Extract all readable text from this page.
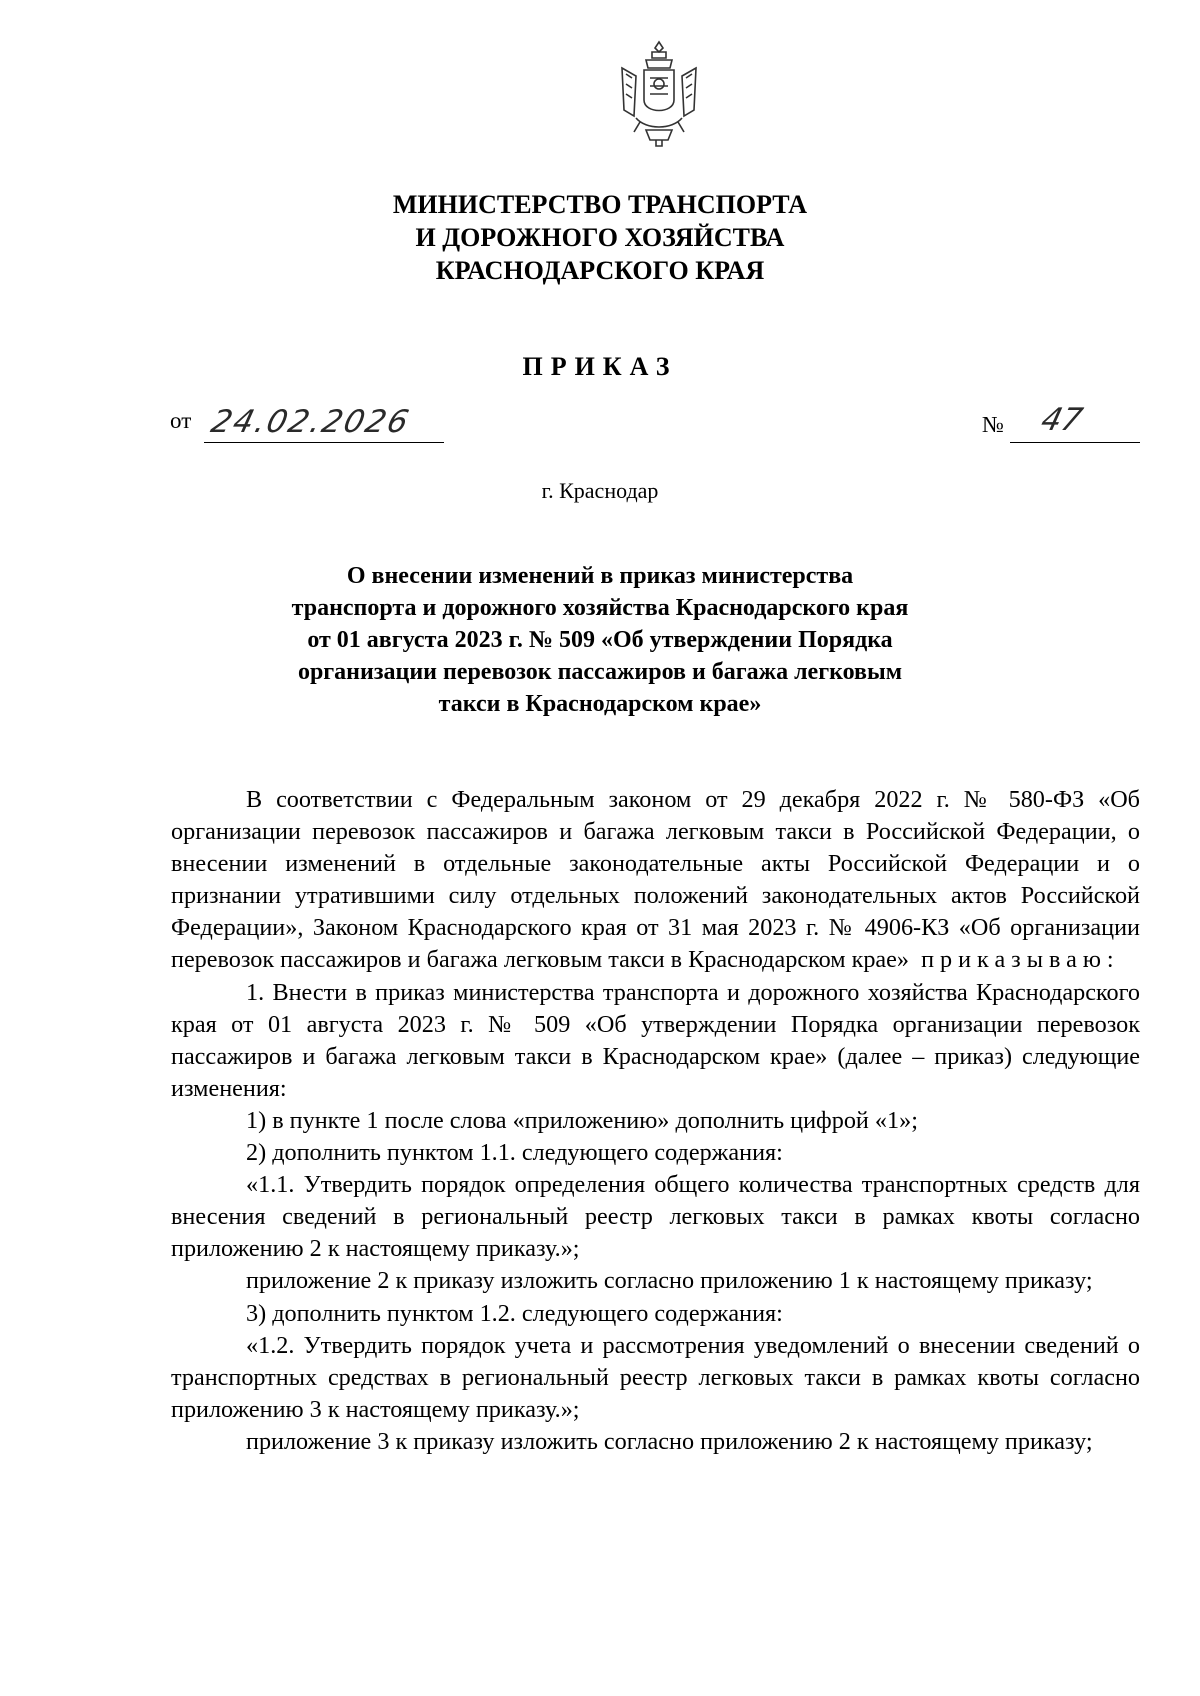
МИНИСТЕРСТВО ТРАНСПОРТА
И ДОРОЖНОГО ХОЗЯЙСТВА
КРАСНОДАРСКОГО КРАЯ
ПРИКАЗ
от 24.02.2026	№ 47
г. Краснодар
О внесении изменений в приказ министерства
транспорта и дорожного хозяйства Краснодарского края
от 01 августа 2023 г. № 509 «Об утверждении Порядка
организации перевозок пассажиров и багажа легковым
такси в Краснодарском крае»

В соответствии с Федеральным законом от 29 декабря 2022 г. № 580-ФЗ «Об организации перевозок пассажиров и багажа легковым такси в Российской Федерации, о внесении изменений в отдельные законодательные акты Российской Федерации и о признании утратившими силу отдельных положений законодательных актов Российской Федерации», Законом Краснодарского края от 31 мая 2023 г. № 4906-КЗ «Об организации перевозок пассажиров и багажа легковым такси в Краснодарском крае» приказываю:

1. Внести в приказ министерства транспорта и дорожного хозяйства Краснодарского края от 01 августа 2023 г. № 509 «Об утверждении Порядка организации перевозок пассажиров и багажа легковым такси в Краснодарском крае» (далее – приказ) следующие изменения:

1) в пункте 1 после слова «приложению» дополнить цифрой «1»;

2) дополнить пунктом 1.1. следующего содержания:

«1.1. Утвердить порядок определения общего количества транспортных средств для внесения сведений в региональный реестр легковых такси в рамках квоты согласно приложению 2 к настоящему приказу.»;

приложение 2 к приказу изложить согласно приложению 1 к настоящему приказу;

3) дополнить пунктом 1.2. следующего содержания:

«1.2. Утвердить порядок учета и рассмотрения уведомлений о внесении сведений о транспортных средствах в региональный реестр легковых такси в рамках квоты согласно приложению 3 к настоящему приказу.»;

приложение 3 к приказу изложить согласно приложению 2 к настоящему приказу;
